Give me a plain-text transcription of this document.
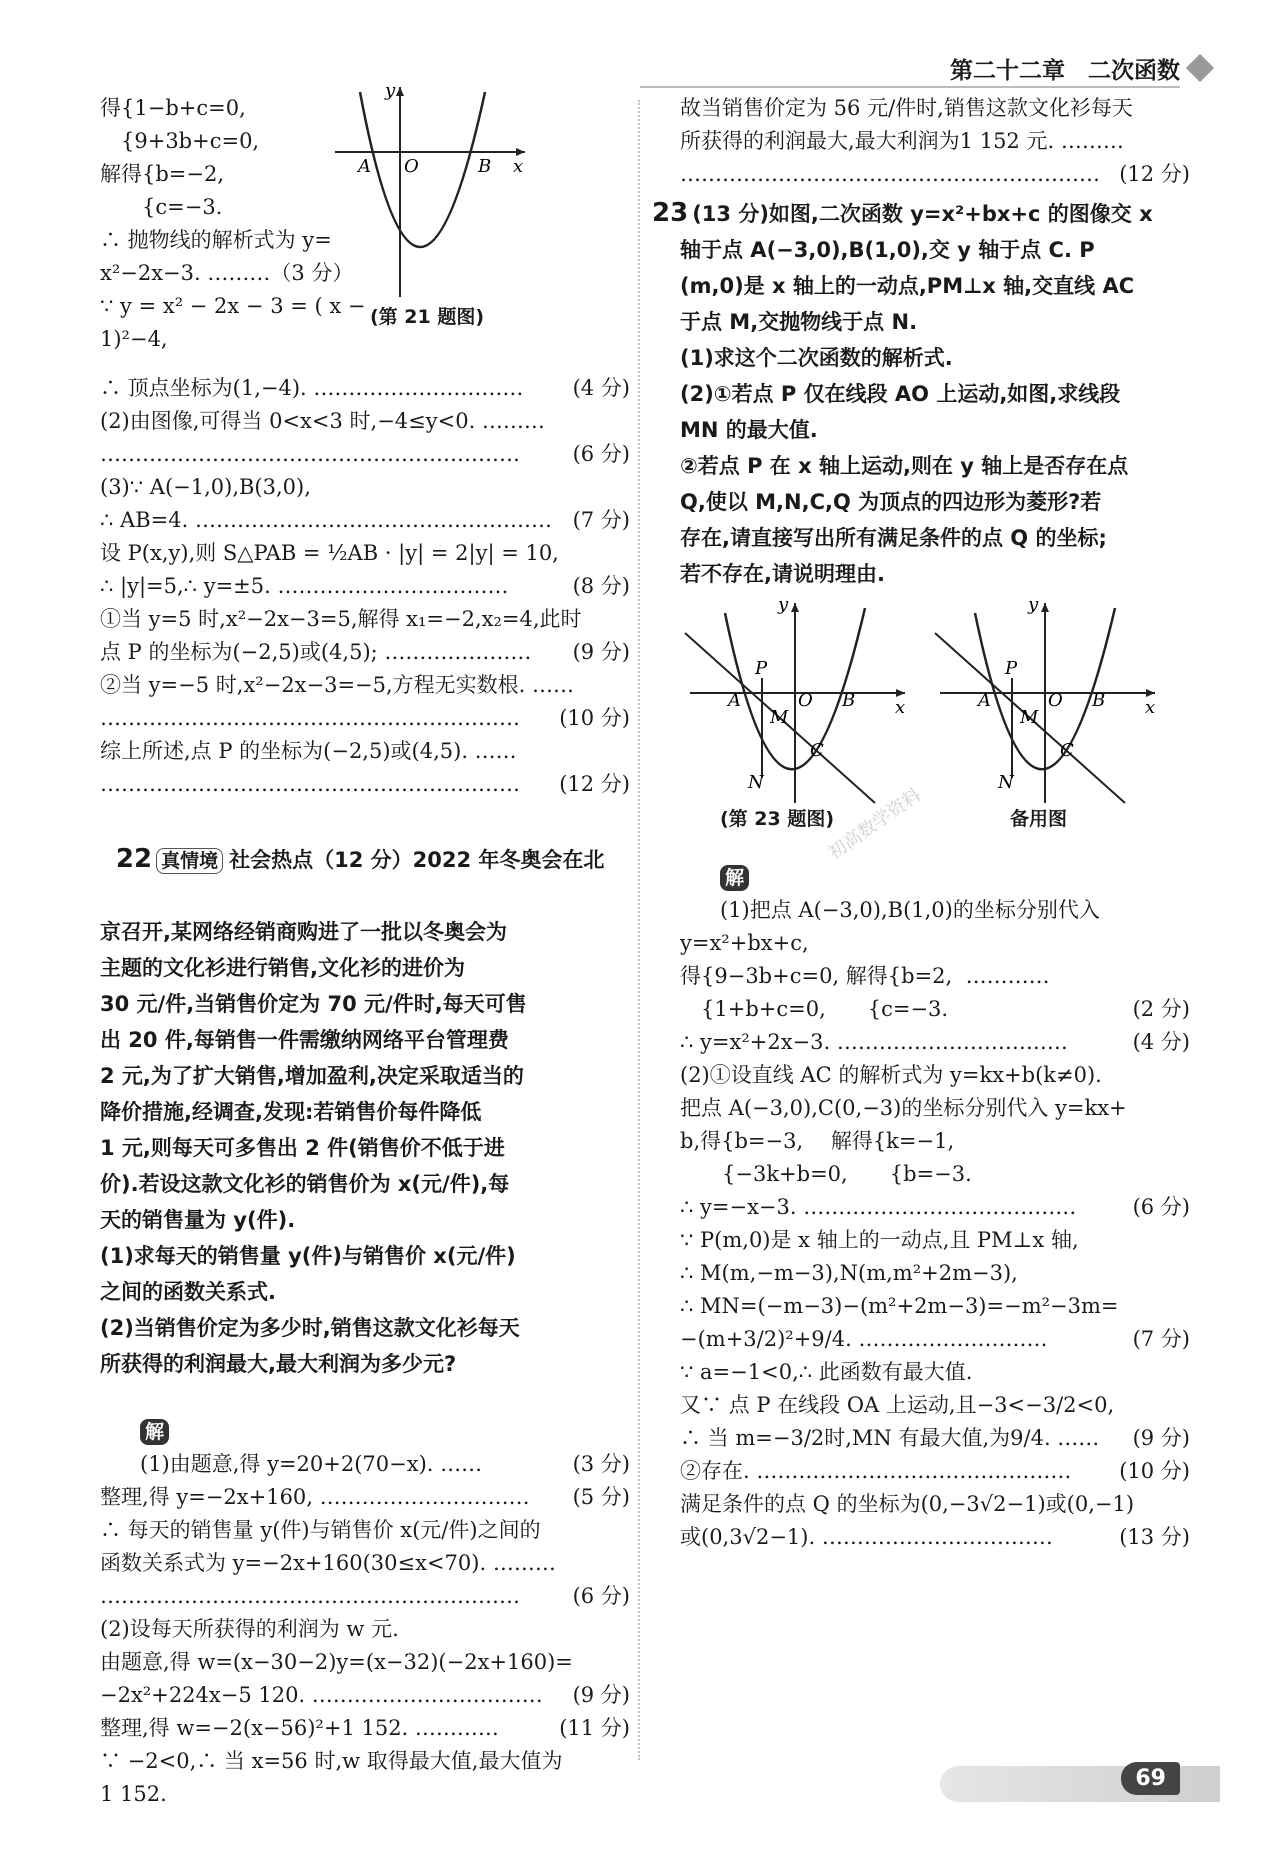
第二十二章　二次函数
初高数学资料
得{1−b+c=0,
　{9+3b+c=0,
解得{b=−2,
　　{c=−3.
∴ 抛物线的解析式为 y=
x²−2x−3. ………（3 分）
∵ y = x² − 2x − 3 = ( x −
1)²−4,
y
x
A O	B
(第 21 题图)
(4 分)
∴ 顶点坐标为(1,−4). …………………………
(2)由图像,可得当 0<x<3 时,−4≤y<0. ………
(6 分)
……………………………………………………
(3)∵ A(−1,0),B(3,0),
(7 分)
∴ AB=4. ……………………………………………
设 P(x,y),则 S△PAB = ½AB · |y| = 2|y| = 10,
(8 分)
∴ |y|=5,∴ y=±5. ……………………………
①当 y=5 时,x²−2x−3=5,解得 x₁=−2,x₂=4,此时
(9 分)
点 P 的坐标为(−2,5)或(4,5); …………………
②当 y=−5 时,x²−2x−3=−5,方程无实数根. ……
(10 分)
……………………………………………………
综上所述,点 P 的坐标为(−2,5)或(4,5). ……
(12 分)
……………………………………………………

22 真情境 社会热点（12 分）2022 年冬奥会在北

京召开,某网络经销商购进了一批以冬奥会为
主题的文化衫进行销售,文化衫的进价为
30 元/件,当销售价定为 70 元/件时,每天可售
出 20 件,每销售一件需缴纳网络平台管理费
2 元,为了扩大销售,增加盈利,决定采取适当的
降价措施,经调查,发现:若销售价每件降低
1 元,则每天可多售出 2 件(销售价不低于进
价).若设这款文化衫的销售价为 x(元/件),每
天的销售量为 y(件).
(1)求每天的销售量 y(件)与销售价 x(元/件)
之间的函数关系式.
(2)当销售价定为多少时,销售这款文化衫每天
所获得的利润最大,最大利润为多少元?

解

(3 分)
(1)由题意,得 y=20+2(70−x). ……
(5 分)
整理,得 y=−2x+160, …………………………
∴ 每天的销售量 y(件)与销售价 x(元/件)之间的
函数关系式为 y=−2x+160(30≤x<70). ………
(6 分)
……………………………………………………
(2)设每天所获得的利润为 w 元.
由题意,得 w=(x−30−2)y=(x−32)(−2x+160)=
(9 分)
−2x²+224x−5 120. ……………………………
(11 分)
整理,得 w=−2(x−56)²+1 152. …………
∵ −2<0,∴ 当 x=56 时,w 取得最大值,最大值为
1 152.
故当销售价定为 56 元/件时,销售这款文化衫每天
所获得的利润最大,最大利润为1 152 元. ………
(12 分)
……………………………………………………
23 (13 分)如图,二次函数 y=x²+bx+c 的图像交 x
轴于点 A(−3,0),B(1,0),交 y 轴于点 C. P
(m,0)是 x 轴上的一动点,PM⊥x 轴,交直线 AC
于点 M,交抛物线于点 N.
(1)求这个二次函数的解析式.
(2)①若点 P 仅在线段 AO 上运动,如图,求线段
MN 的最大值.
②若点 P 在 x 轴上运动,则在 y 轴上是否存在点
Q,使以 M,N,C,Q 为顶点的四边形为菱形?若
存在,请直接写出所有满足条件的点 Q 的坐标;
若不存在,请说明理由.
y
x
A
P
O
M
B
C
N
y
x
A
P
O
M
B
C
N
(第 23 题图)	备用图

解

(1)把点 A(−3,0),B(1,0)的坐标分别代入
y=x²+bx+c,
得{9−3b+c=0, 解得{b=2,  …………
(2 分)
　{1+b+c=0,　　{c=−3.
(4 分)
∴ y=x²+2x−3. ……………………………
(2)①设直线 AC 的解析式为 y=kx+b(k≠0).
把点 A(−3,0),C(0,−3)的坐标分别代入 y=kx+
b,得{b=−3,　 解得{k=−1,
　　{−3k+b=0,　　{b=−3.
(6 分)
∴ y=−x−3. …………………………………
∵ P(m,0)是 x 轴上的一动点,且 PM⊥x 轴,
∴ M(m,−m−3),N(m,m²+2m−3),
∴ MN=(−m−3)−(m²+2m−3)=−m²−3m=
(7 分)
−(m+3/2)²+9/4. ………………………
∵ a=−1<0,∴ 此函数有最大值.
又∵ 点 P 在线段 OA 上运动,且−3<−3/2<0,
(9 分)
∴ 当 m=−3/2时,MN 有最大值,为9/4. ……
(10 分)
②存在. ………………………………………
满足条件的点 Q 的坐标为(0,−3√2−1)或(0,−1)
(13 分)
或(0,3√2−1). ……………………………
69
